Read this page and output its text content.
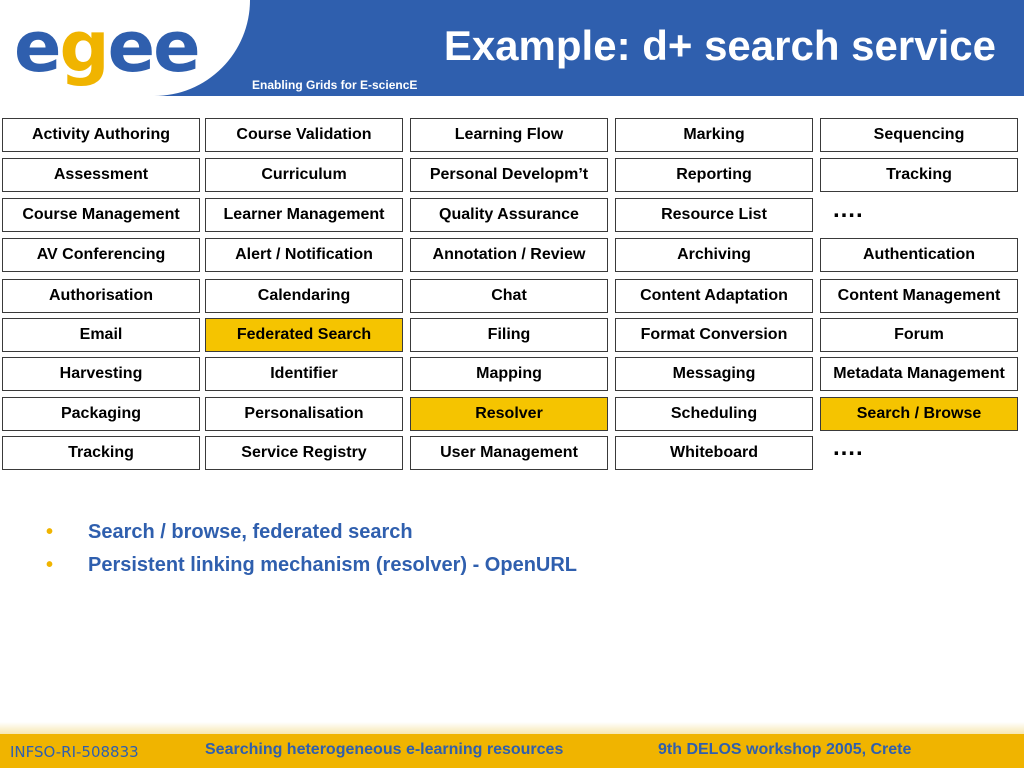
egee	Example: d+ search service
Enabling Grids for E-sciencE
Activity Authoring	Course Validation	Learning Flow	Marking	Sequencing
Assessment	Curriculum	Personal Developm’t	Reporting	Tracking
Course Management	Learner Management	Quality Assurance	Resource List	….
AV Conferencing	Alert / Notification	Annotation / Review	Archiving	Authentication
Authorisation	Calendaring	Chat	Content Adaptation	Content Management
Email	Federated Search	Filing	Format Conversion	Forum
Harvesting	Identifier	Mapping	Messaging	Metadata Management
Packaging	Personalisation	Resolver	Scheduling	Search / Browse
Tracking	Service Registry	User Management	Whiteboard	….
• Search / browse, federated search
• Persistent linking mechanism (resolver) - OpenURL
INFSO-RI-508833	Searching heterogeneous e-learning resources	9th DELOS workshop 2005, Crete
